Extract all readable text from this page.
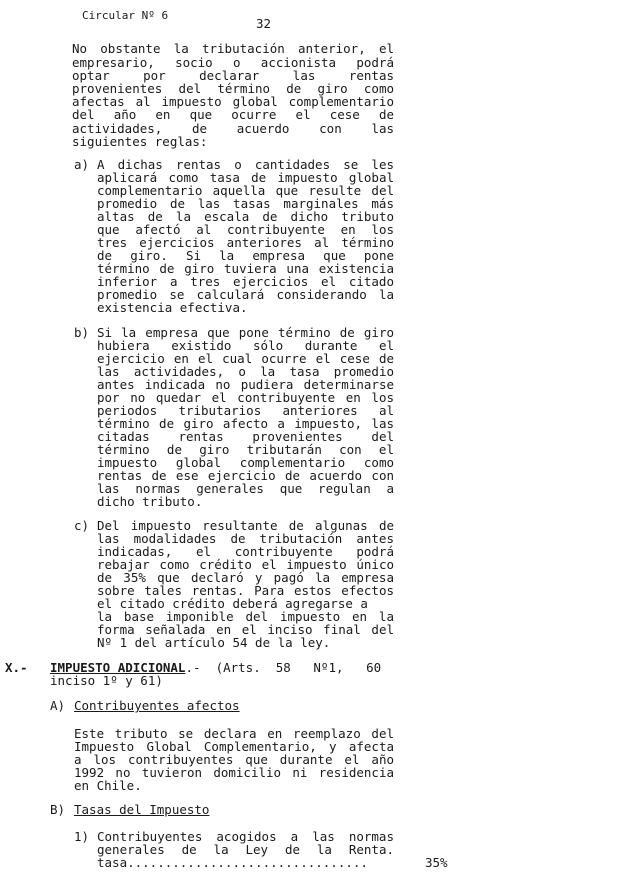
Circular Nº 6
32
No obstante la tributación anterior, el
empresario, socio o accionista podrá
optar por declarar las rentas
provenientes del término de giro como
afectas al impuesto global complementario
del año en que ocurre el cese de
actividades, de acuerdo con las
siguientes reglas:
a) A dichas rentas o cantidades se les
aplicará como tasa de impuesto global
complementario aquella que resulte del
promedio de las tasas marginales más
altas de la escala de dicho tributo
que afectó al contribuyente en los
tres ejercicios anteriores al término
de giro. Si la empresa que pone
término de giro tuviera una existencia
inferior a tres ejercicios el citado
promedio se calculará considerando la
existencia efectiva.
b) Si la empresa que pone término de giro
hubiera existido sólo durante el
ejercicio en el cual ocurre el cese de
las actividades, o la tasa promedio
antes indicada no pudiera determinarse
por no quedar el contribuyente en los
periodos tributarios anteriores al
término de giro afecto a impuesto, las
citadas rentas provenientes del
término de giro tributarán con el
impuesto global complementario como
rentas de ese ejercicio de acuerdo con
las normas generales que regulan a
dicho tributo.
c) Del impuesto resultante de algunas de
las modalidades de tributación antes
indicadas, el contribuyente podrá
rebajar como crédito el impuesto único
de 35% que declaró y pagó la empresa
sobre tales rentas. Para estos efectos
el citado crédito deberá agregarse a
la base imponible del impuesto en la
forma señalada en el inciso final del
Nº 1 del artículo 54 de la ley.
X.- IMPUESTO ADICIONAL.-  (Arts.  58   Nº1,   60
inciso 1º y 61)
A) Contribuyentes afectos
Este tributo se declara en reemplazo del
Impuesto Global Complementario, y afecta
a los contribuyentes que durante el año
1992 no tuvieron domicilio ni residencia
en Chile.
B) Tasas del Impuesto
1) Contribuyentes acogidos a las normas
generales de la Ley de la Renta.
tasa................................	35%
